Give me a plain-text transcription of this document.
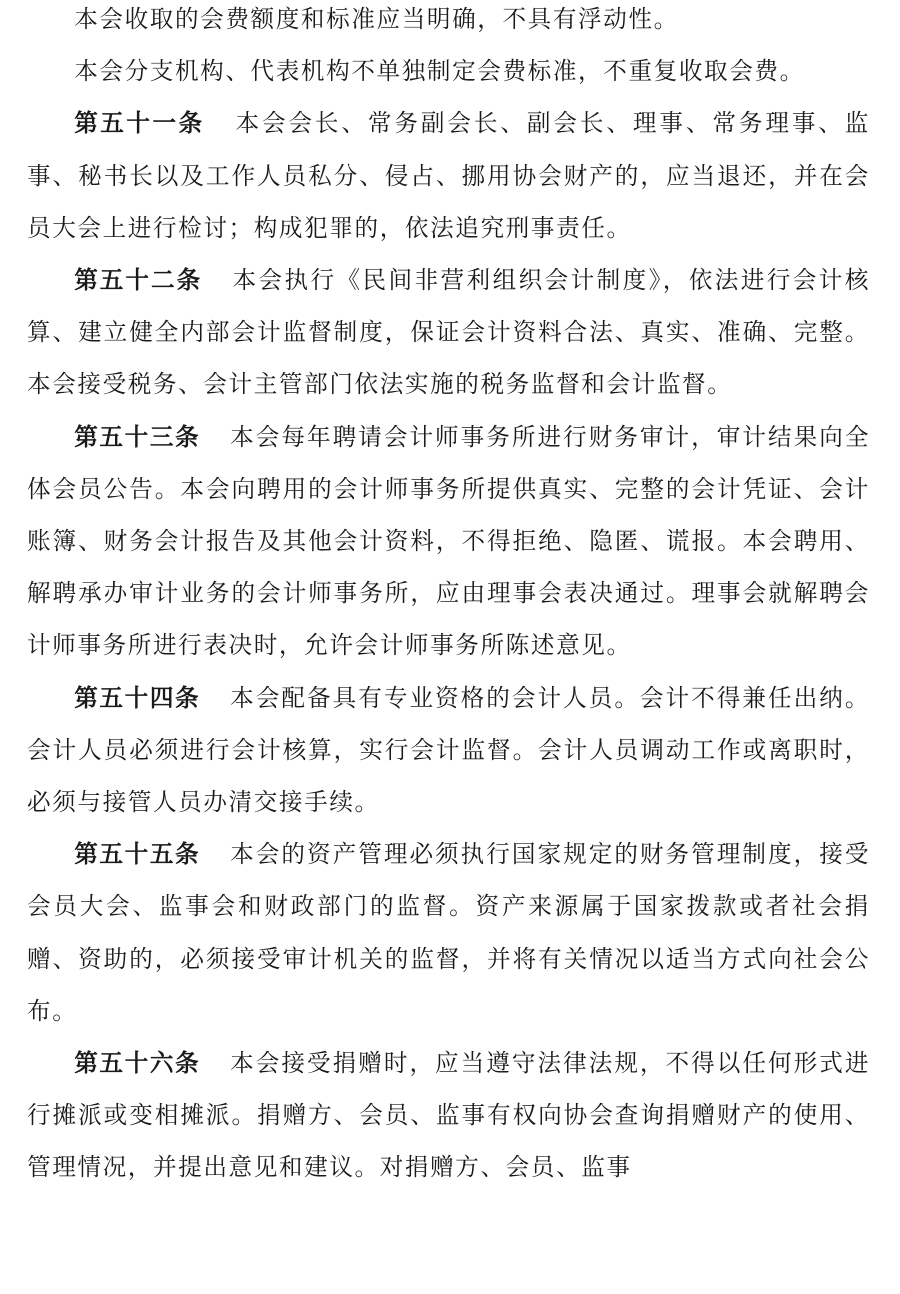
本会收取的会费额度和标准应当明确，不具有浮动性。

本会分支机构、代表机构不单独制定会费标准，不重复收取会费。

第五十一条 本会会长、常务副会长、副会长、理事、常务理事、监事、秘书长以及工作人员私分、侵占、挪用协会财产的，应当退还，并在会员大会上进行检讨；构成犯罪的，依法追究刑事责任。

第五十二条 本会执行《民间非营利组织会计制度》，依法进行会计核算、建立健全内部会计监督制度，保证会计资料合法、真实、准确、完整。本会接受税务、会计主管部门依法实施的税务监督和会计监督。

第五十三条 本会每年聘请会计师事务所进行财务审计，审计结果向全体会员公告。本会向聘用的会计师事务所提供真实、完整的会计凭证、会计账簿、财务会计报告及其他会计资料，不得拒绝、隐匿、谎报。本会聘用、解聘承办审计业务的会计师事务所，应由理事会表决通过。理事会就解聘会计师事务所进行表决时，允许会计师事务所陈述意见。

第五十四条 本会配备具有专业资格的会计人员。会计不得兼任出纳。会计人员必须进行会计核算，实行会计监督。会计人员调动工作或离职时，必须与接管人员办清交接手续。

第五十五条 本会的资产管理必须执行国家规定的财务管理制度，接受会员大会、监事会和财政部门的监督。资产来源属于国家拨款或者社会捐赠、资助的，必须接受审计机关的监督，并将有关情况以适当方式向社会公布。

第五十六条 本会接受捐赠时，应当遵守法律法规，不得以任何形式进行摊派或变相摊派。捐赠方、会员、监事有权向协会查询捐赠财产的使用、管理情况，并提出意见和建议。对捐赠方、会员、监事
